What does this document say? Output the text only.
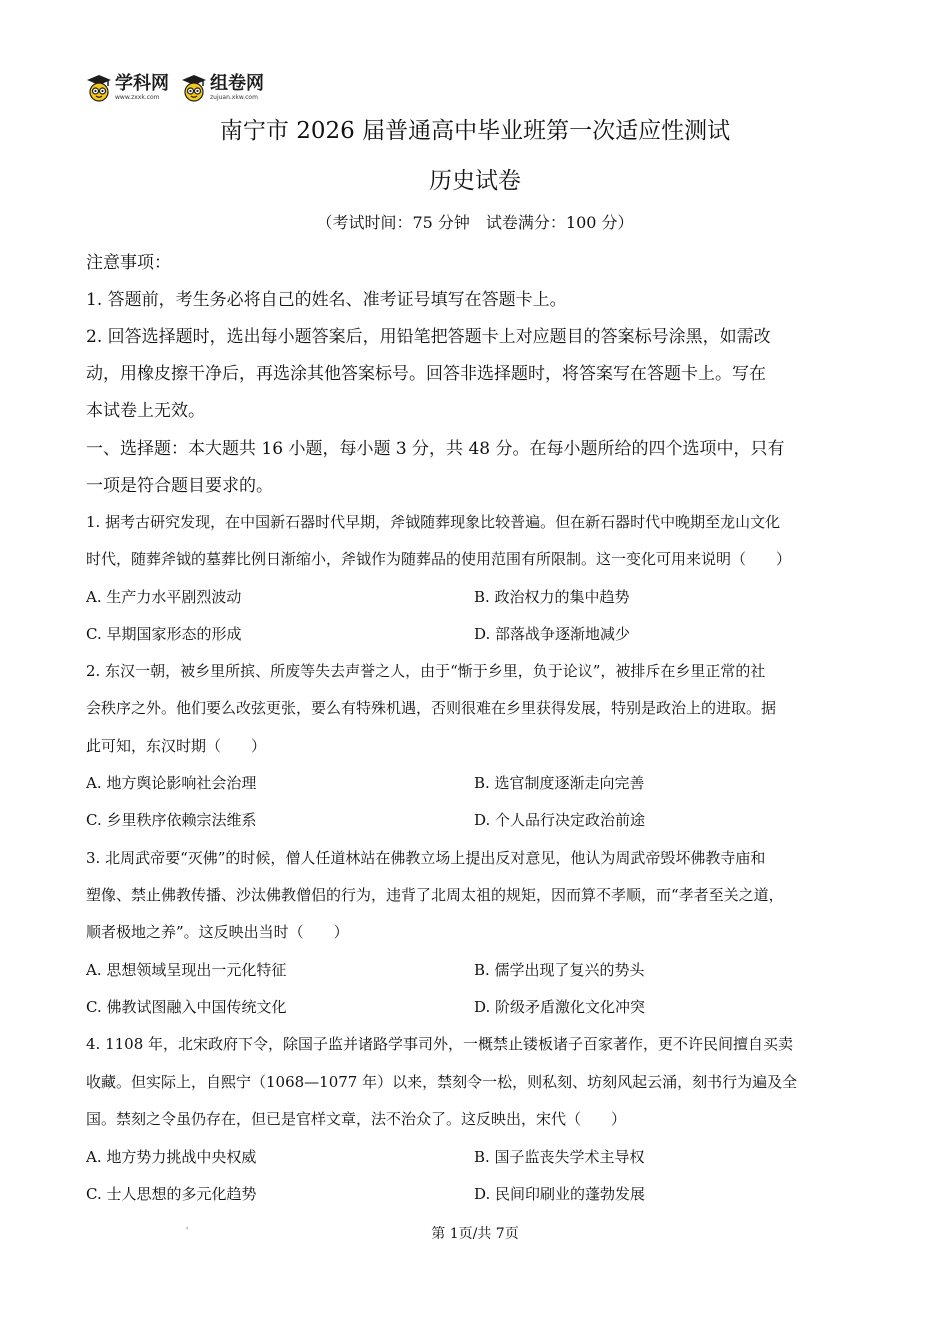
学科网
www.zxxk.com
组卷网
zujuan.xkw.com
南宁市 2026 届普通高中毕业班第一次适应性测试
历史试卷
（考试时间：75 分钟　试卷满分：100 分）
注意事项：
1. 答题前，考生务必将自己的姓名、准考证号填写在答题卡上。
2. 回答选择题时，选出每小题答案后，用铅笔把答题卡上对应题目的答案标号涂黑，如需改
动，用橡皮擦干净后，再选涂其他答案标号。回答非选择题时，将答案写在答题卡上。写在
本试卷上无效。
一、选择题：本大题共 16 小题，每小题 3 分，共 48 分。在每小题所给的四个选项中，只有
一项是符合题目要求的。
1. 据考古研究发现，在中国新石器时代早期，斧钺随葬现象比较普遍。但在新石器时代中晚期至龙山文化
时代，随葬斧钺的墓葬比例日渐缩小，斧钺作为随葬品的使用范围有所限制。这一变化可用来说明（　　）
A. 生产力水平剧烈波动	B. 政治权力的集中趋势
C. 早期国家形态的形成	D. 部落战争逐渐地减少
2. 东汉一朝，被乡里所摈、所废等失去声誉之人，由于“惭于乡里，负于论议”，被排斥在乡里正常的社
会秩序之外。他们要么改弦更张，要么有特殊机遇，否则很难在乡里获得发展，特别是政治上的进取。据
此可知，东汉时期（　　）
A. 地方舆论影响社会治理	B. 选官制度逐渐走向完善
C. 乡里秩序依赖宗法维系	D. 个人品行决定政治前途
3. 北周武帝要“灭佛”的时候，僧人任道林站在佛教立场上提出反对意见，他认为周武帝毁坏佛教寺庙和
塑像、禁止佛教传播、沙汰佛教僧侣的行为，违背了北周太祖的规矩，因而算不孝顺，而“孝者至关之道，
顺者极地之养”。这反映出当时（　　）
A. 思想领域呈现出一元化特征	B. 儒学出现了复兴的势头
C. 佛教试图融入中国传统文化	D. 阶级矛盾激化文化冲突
4. 1108 年，北宋政府下令，除国子监并诸路学事司外，一概禁止镂板诸子百家著作，更不许民间擅自买卖
收藏。但实际上，自熙宁（1068—1077 年）以来，禁刻令一松，则私刻、坊刻风起云涌，刻书行为遍及全
国。禁刻之令虽仍存在，但已是官样文章，法不治众了。这反映出，宋代（　　）
A. 地方势力挑战中央权威	B. 国子监丧失学术主导权
C. 士人思想的多元化趋势	D. 民间印刷业的蓬勃发展
'	第 1页/共 7页
